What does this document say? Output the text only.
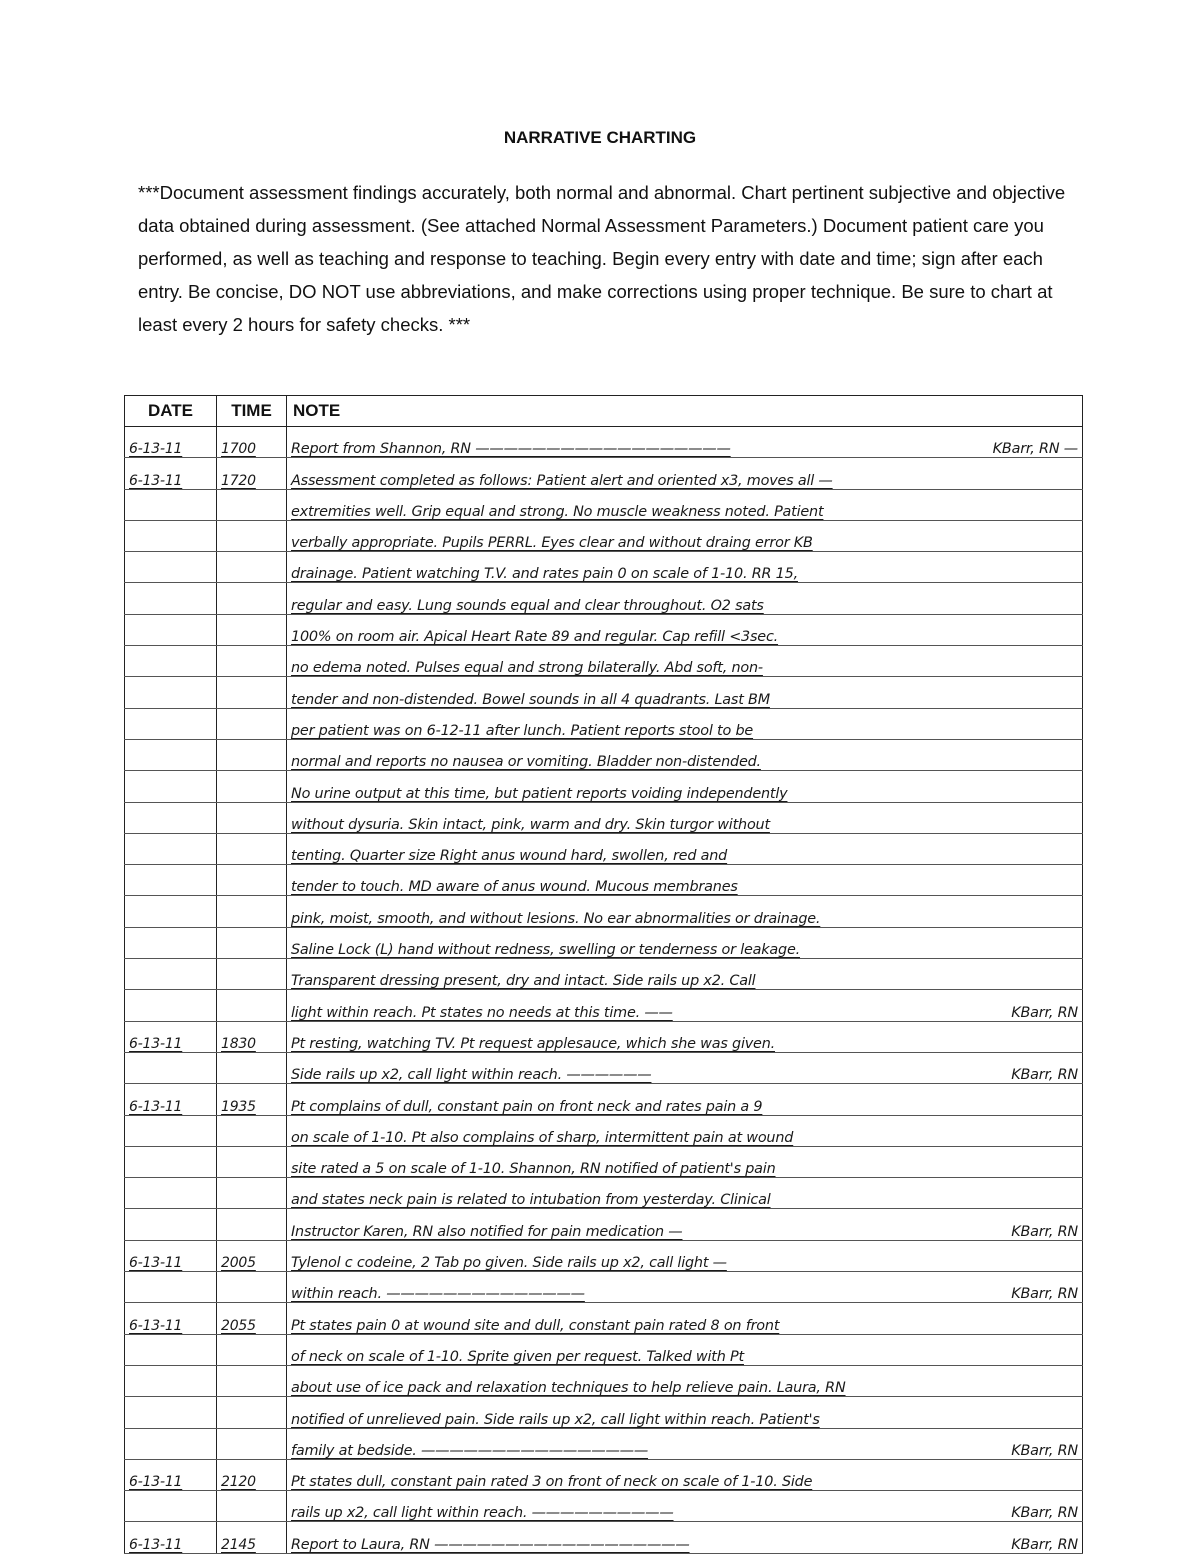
NARRATIVE CHARTING
***Document assessment findings accurately, both normal and abnormal. Chart pertinent subjective and objective data obtained during assessment. (See attached Normal Assessment Parameters.) Document patient care you performed, as well as teaching and response to teaching. Begin every entry with date and time; sign after each entry. Be concise, DO NOT use abbreviations, and make corrections using proper technique. Be sure to chart at least every 2 hours for safety checks. ***
DATE	TIME	NOTE
6-13-11	1700	Report from Shannon, RN —————————————————— KBarr, RN —

6-13-11	1720	Assessment completed as follows: Patient alert and oriented x3, moves all —

		extremities well. Grip equal and strong. No muscle weakness noted. Patient

		verbally appropriate. Pupils PERRL. Eyes clear and without draing error KB

		drainage. Patient watching T.V. and rates pain 0 on scale of 1-10. RR 15,

		regular and easy. Lung sounds equal and clear throughout. O2 sats

		100% on room air. Apical Heart Rate 89 and regular. Cap refill <3sec.

		no edema noted. Pulses equal and strong bilaterally. Abd soft, non-

		tender and non-distended. Bowel sounds in all 4 quadrants. Last BM

		per patient was on 6-12-11 after lunch. Patient reports stool to be

		normal and reports no nausea or vomiting. Bladder non-distended.

		No urine output at this time, but patient reports voiding independently

		without dysuria. Skin intact, pink, warm and dry. Skin turgor without

		tenting. Quarter size Right anus wound hard, swollen, red and

		tender to touch. MD aware of anus wound. Mucous membranes

		pink, moist, smooth, and without lesions. No ear abnormalities or drainage.

		Saline Lock (L) hand without redness, swelling or tenderness or leakage.

		Transparent dressing present, dry and intact. Side rails up x2. Call

		light within reach. Pt states no needs at this time. —— KBarr, RN

6-13-11	1830	Pt resting, watching TV. Pt request applesauce, which she was given.

		Side rails up x2, call light within reach. —————— KBarr, RN

6-13-11	1935	Pt complains of dull, constant pain on front neck and rates pain a 9

		on scale of 1-10. Pt also complains of sharp, intermittent pain at wound

		site rated a 5 on scale of 1-10. Shannon, RN notified of patient's pain

		and states neck pain is related to intubation from yesterday. Clinical

		Instructor Karen, RN also notified for pain medication — KBarr, RN

6-13-11	2005	Tylenol c codeine, 2 Tab po given. Side rails up x2, call light —

		within reach. —————————————— KBarr, RN

6-13-11	2055	Pt states pain 0 at wound site and dull, constant pain rated 8 on front

		of neck on scale of 1-10. Sprite given per request. Talked with Pt

		about use of ice pack and relaxation techniques to help relieve pain. Laura, RN

		notified of unrelieved pain. Side rails up x2, call light within reach. Patient's

		family at bedside. ———————————————— KBarr, RN

6-13-11	2120	Pt states dull, constant pain rated 3 on front of neck on scale of 1-10. Side

		rails up x2, call light within reach. —————————— KBarr, RN

6-13-11	2145	Report to Laura, RN —————————————————— KBarr, RN
